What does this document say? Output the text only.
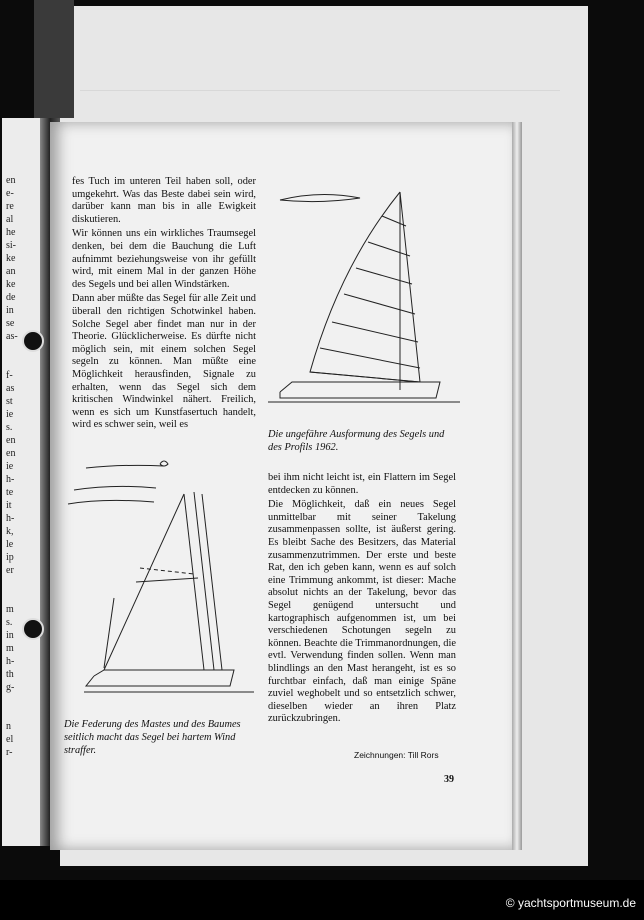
en
e-
re
al
he
si-
ke
an
ke
de
in
se
as-
f-
as
st
ie
s.
en
en
ie
h-
te
it
h-
k,
le
ip
er
m
s.
in
m
h-
th
g-
n
el
r-

fes Tuch im unteren Teil haben soll, oder umgekehrt. Was das Beste dabei sein wird, darüber kann man bis in alle Ewigkeit diskutieren.

Wir können uns ein wirkliches Traumsegel denken, bei dem die Bauchung die Luft aufnimmt beziehungsweise von ihr gefüllt wird, mit einem Mal in der ganzen Höhe des Segels und bei allen Windstärken.

Dann aber müßte das Segel für alle Zeit und überall den richtigen Schotwinkel haben. Solche Segel aber findet man nur in der Theorie. Glücklicherweise. Es dürfte nicht möglich sein, mit einem solchen Segel segeln zu können. Man müßte eine Möglichkeit herausfinden, Signale zu erhalten, wenn das Segel sich dem kritischen Windwinkel nähert. Freilich, wenn es sich um Kunstfasertuch handelt, wird es schwer sein, weil es

Die ungefähre Ausformung des Segels und des Profils 1962.
Die Federung des Mastes und des Baumes seitlich macht das Segel bei hartem Wind straffer.

bei ihm nicht leicht ist, ein Flattern im Segel entdecken zu können.

Die Möglichkeit, daß ein neues Segel unmittelbar mit seiner Takelung zusammenpassen sollte, ist äußerst gering. Es bleibt Sache des Besitzers, das Material zusammenzutrimmen. Der erste und beste Rat, den ich geben kann, wenn es auf solch eine Trimmung ankommt, ist dieser: Mache absolut nichts an der Takelung, bevor das Segel genügend untersucht und kartographisch aufgenommen ist, um bei verschiedenen Schotungen segeln zu können. Beachte die Trimmanordnungen, die evtl. Verwendung finden sollen. Wenn man blindlings an den Mast herangeht, ist es so furchtbar einfach, daß man einige Späne zuviel weghobelt und so entsetzlich schwer, dieselben wieder an ihren Platz zurückzubringen.

Zeichnungen: Till Rors
39
© yachtsportmuseum.de
